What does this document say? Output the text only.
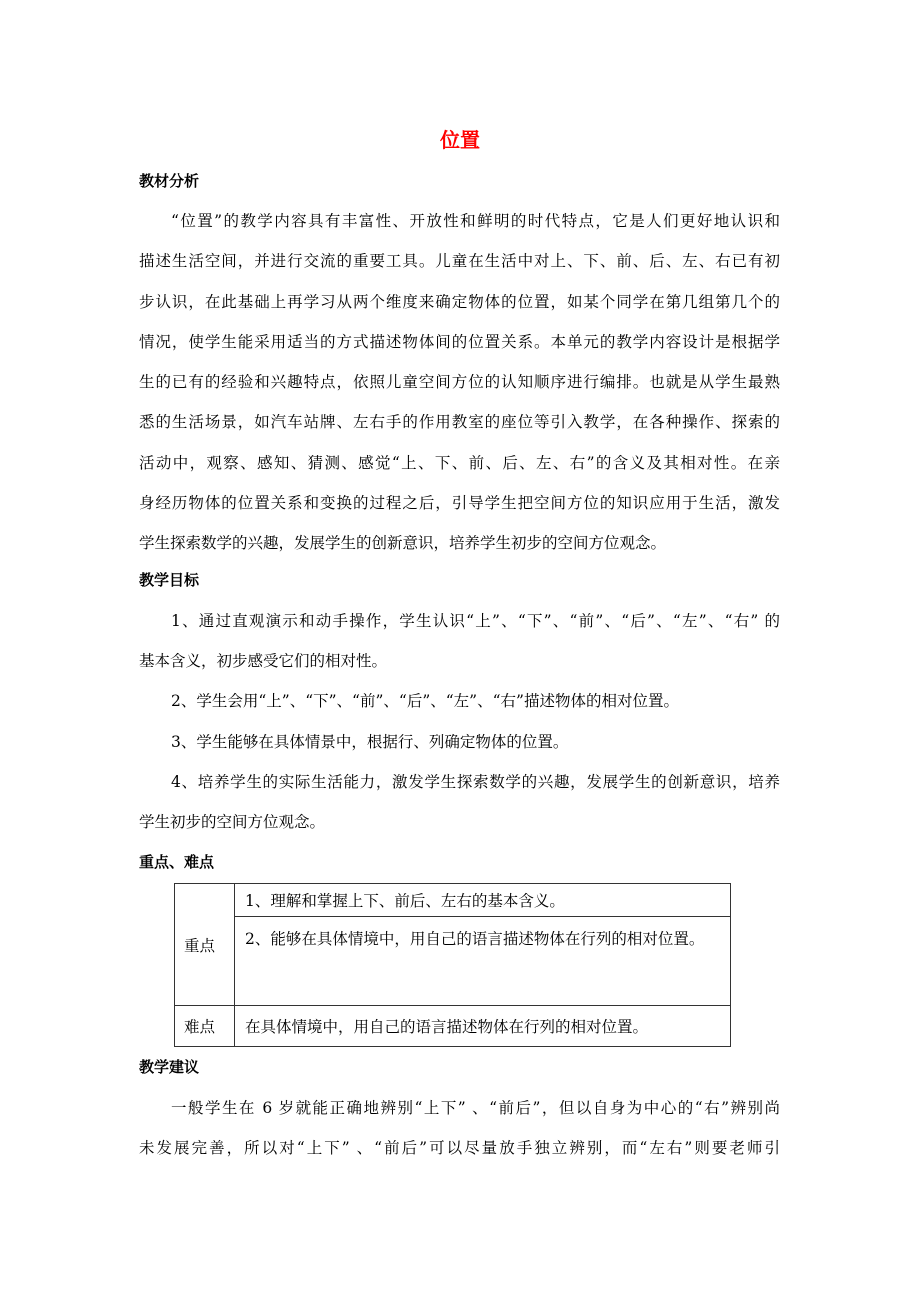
位置
教材分析
“位置”的教学内容具有丰富性、开放性和鲜明的时代特点，它是人们更好地认识和
描述生活空间，并进行交流的重要工具。儿童在生活中对上、下、前、后、左、右已有初
步认识，在此基础上再学习从两个维度来确定物体的位置，如某个同学在第几组第几个的
情况，使学生能采用适当的方式描述物体间的位置关系。本单元的教学内容设计是根据学
生的已有的经验和兴趣特点，依照儿童空间方位的认知顺序进行编排。也就是从学生最熟
悉的生活场景，如汽车站牌、左右手的作用教室的座位等引入教学，在各种操作、探索的
活动中，观察、感知、猜测、感觉“上、下、前、后、左、右”的含义及其相对性。在亲
身经历物体的位置关系和变换的过程之后，引导学生把空间方位的知识应用于生活，激发
学生探索数学的兴趣，发展学生的创新意识，培养学生初步的空间方位观念。
教学目标
1、通过直观演示和动手操作，学生认识“上”、“下”、“前”、“后”、“左”、“右” 的
基本含义，初步感受它们的相对性。
2、学生会用“上”、“下”、“前”、“后”、“左”、“右”描述物体的相对位置。
3、学生能够在具体情景中，根据行、列确定物体的位置。
4、培养学生的实际生活能力，激发学生探索数学的兴趣，发展学生的创新意识，培养
学生初步的空间方位观念。
重点、难点
重点	1、理解和掌握上下、前后、左右的基本含义。
	2、能够在具体情境中，用自己的语言描述物体在行列的相对位置。
难点	在具体情境中，用自己的语言描述物体在行列的相对位置。
教学建议
一般学生在 6 岁就能正确地辨别“上下” 、“前后”，但以自身为中心的“右”辨别尚
未发展完善，所以对“上下” 、“前后”可以尽量放手独立辨别，而“左右”则要老师引
